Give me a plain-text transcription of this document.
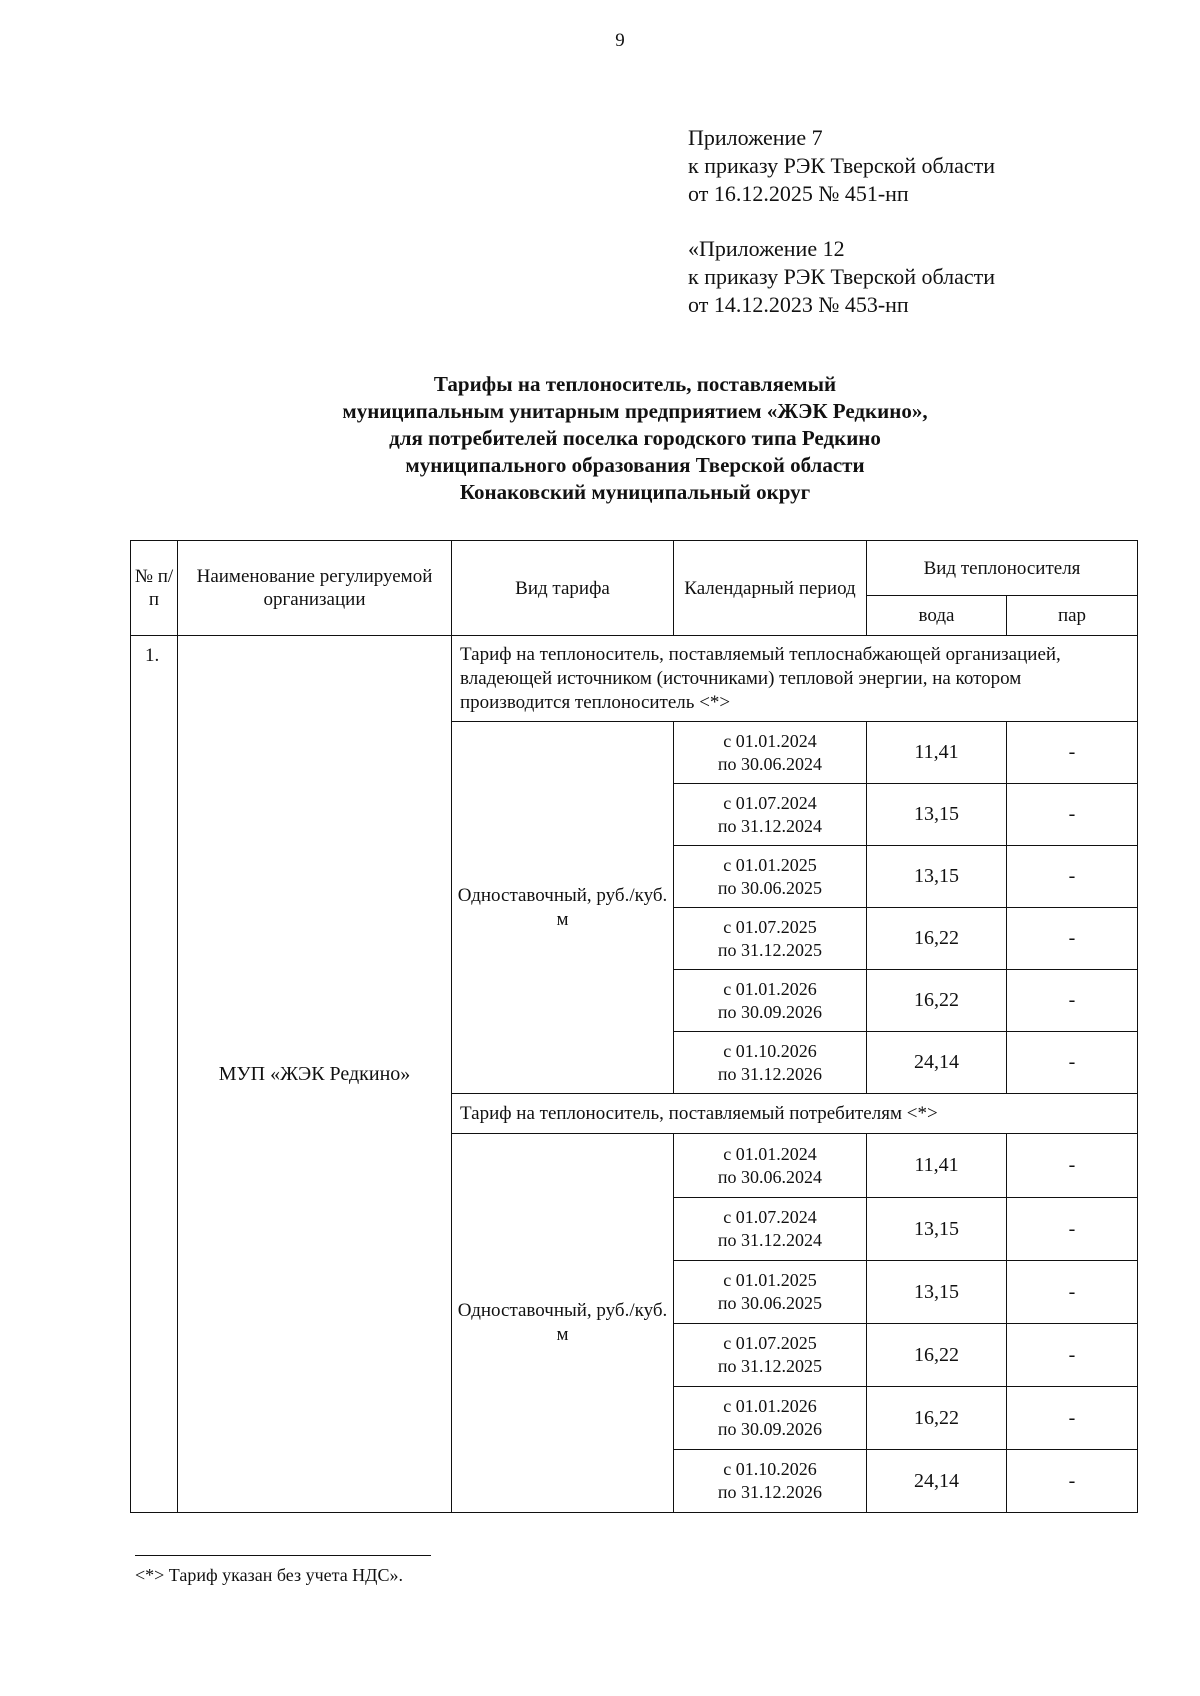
9
Приложение 7
к приказу РЭК Тверской области
от 16.12.2025 № 451-нп
«Приложение 12
к приказу РЭК Тверской области
от 14.12.2023 № 453-нп
Тарифы на теплоноситель, поставляемый
муниципальным унитарным предприятием «ЖЭК Редкино»,
для потребителей поселка городского типа Редкино
муниципального образования Тверской области
Конаковский муниципальный округ
№ п/п	Наименование регулируемой организации	Вид тарифа	Календарный период	Вид теплоносителя	
				вода	пар
1.	МУП «ЖЭК Редкино»	Тариф на теплоноситель, поставляемый теплоснабжающей организацией, владеющей источником (источниками) тепловой энергии, на котором производится теплоноситель <*>			
		Одноставочный, руб./куб. м	с 01.01.2024
по 30.06.2024	11,41	-

			с 01.07.2024
по 31.12.2024	13,15	-

			с 01.01.2025
по 30.06.2025	13,15	-

			с 01.07.2025
по 31.12.2025	16,22	-

			с 01.01.2026
по 30.09.2026	16,22	-

			с 01.10.2026
по 31.12.2026	24,14	-
		Тариф на теплоноситель, поставляемый потребителям <*>			
		Одноставочный, руб./куб. м	с 01.01.2024
по 30.06.2024	11,41	-

			с 01.07.2024
по 31.12.2024	13,15	-

			с 01.01.2025
по 30.06.2025	13,15	-

			с 01.07.2025
по 31.12.2025	16,22	-

			с 01.01.2026
по 30.09.2026	16,22	-

			с 01.10.2026
по 31.12.2026	24,14	-
<*> Тариф указан без учета НДС».
